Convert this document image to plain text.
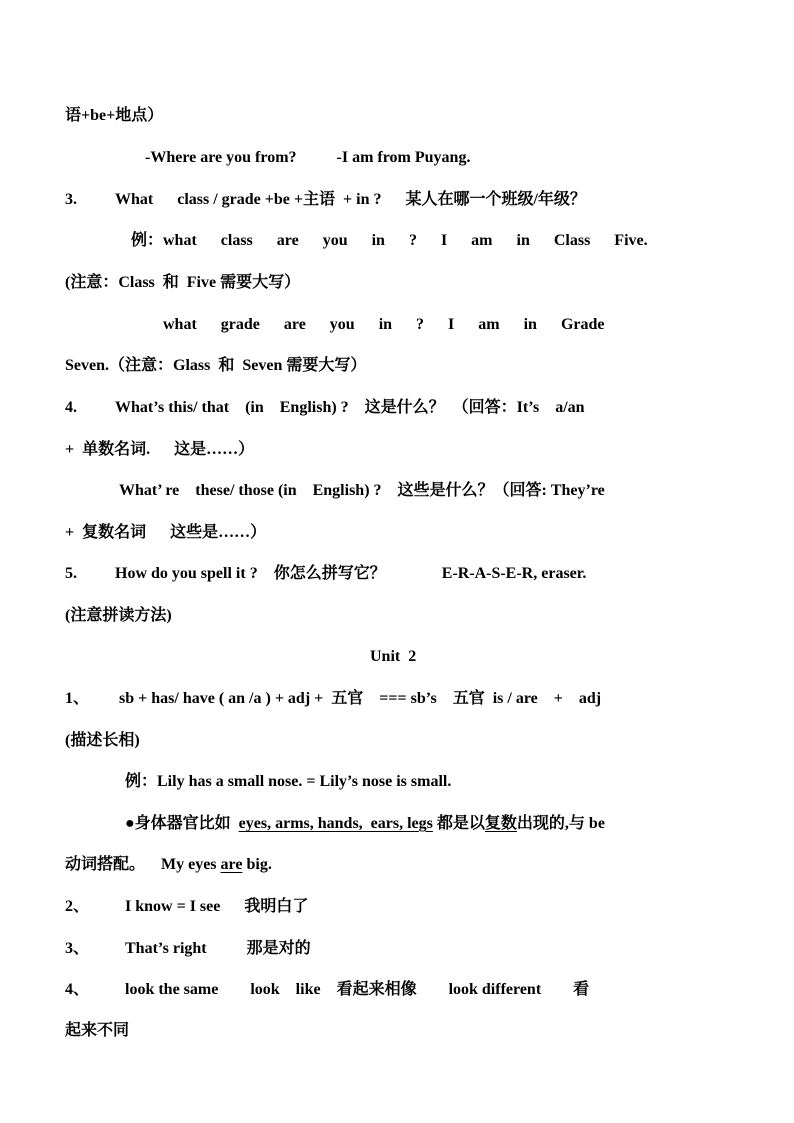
语+be+地点）
-Where are you from?          -I am from Puyang.
3. What      class / grade +be +主语  + in ?      某人在哪一个班级/年级？
例：what      class      are      you      in      ?      I      am      in      Class      Five.
(注意：Class  和  Five 需要大写）
what      grade      are      you      in      ?      I      am      in      Grade
Seven.（注意：Glass  和  Seven 需要大写）
4. What’s this/ that    (in    English) ?    这是什么？  （回答：It’s    a/an
+  单数名词.      这是……）
What’ re    these/ those (in    English) ?    这些是什么？（回答: They’re
+  复数名词      这些是……）
5. How do you spell it ?    你怎么拼写它？              E-R-A-S-E-R, eraser.
(注意拼读方法)
Unit  2
1、 sb + has/ have ( an /a ) + adj +  五官    === sb’s    五官  is / are    +    adj
(描述长相)
例：Lily has a small nose. = Lily’s nose is small.
●身体器官比如  eyes, arms, hands,  ears, legs 都是以复数出现的,与 be
动词搭配。    My eyes are big.
2、 I know = I see      我明白了
3、 That’s right          那是对的
4、 look the same        look    like    看起来相像        look different        看
起来不同
